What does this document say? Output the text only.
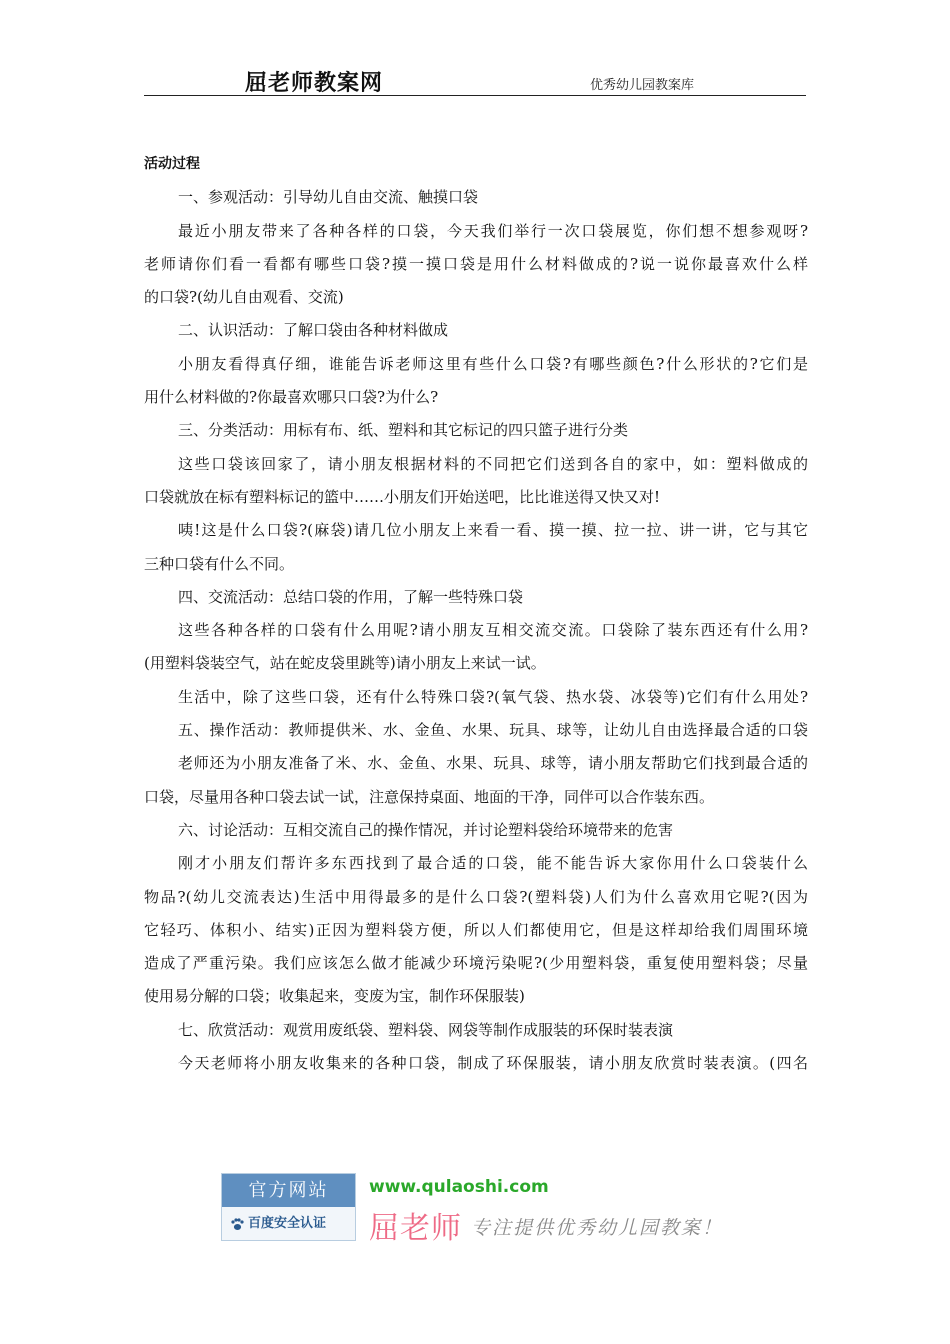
屈老师教案网	优秀幼儿园教案库
活动过程
一、参观活动：引导幼儿自由交流、触摸口袋
最近小朋友带来了各种各样的口袋，今天我们举行一次口袋展览，你们想不想参观呀?
老师请你们看一看都有哪些口袋?摸一摸口袋是用什么材料做成的?说一说你最喜欢什么样
的口袋?(幼儿自由观看、交流)
二、认识活动：了解口袋由各种材料做成
小朋友看得真仔细，谁能告诉老师这里有些什么口袋?有哪些颜色?什么形状的?它们是
用什么材料做的?你最喜欢哪只口袋?为什么?
三、分类活动：用标有布、纸、塑料和其它标记的四只篮子进行分类
这些口袋该回家了，请小朋友根据材料的不同把它们送到各自的家中，如：塑料做成的
口袋就放在标有塑料标记的篮中……小朋友们开始送吧，比比谁送得又快又对!
咦!这是什么口袋?(麻袋)请几位小朋友上来看一看、摸一摸、拉一拉、讲一讲，它与其它
三种口袋有什么不同。
四、交流活动：总结口袋的作用，了解一些特殊口袋
这些各种各样的口袋有什么用呢?请小朋友互相交流交流。口袋除了装东西还有什么用?
(用塑料袋装空气，站在蛇皮袋里跳等)请小朋友上来试一试。
生活中，除了这些口袋，还有什么特殊口袋?(氧气袋、热水袋、冰袋等)它们有什么用处?
五、操作活动：教师提供米、水、金鱼、水果、玩具、球等，让幼儿自由选择最合适的口袋
老师还为小朋友准备了米、水、金鱼、水果、玩具、球等，请小朋友帮助它们找到最合适的
口袋，尽量用各种口袋去试一试，注意保持桌面、地面的干净，同伴可以合作装东西。
六、讨论活动：互相交流自己的操作情况，并讨论塑料袋给环境带来的危害
刚才小朋友们帮许多东西找到了最合适的口袋，能不能告诉大家你用什么口袋装什么
物品?(幼儿交流表达)生活中用得最多的是什么口袋?(塑料袋)人们为什么喜欢用它呢?(因为
它轻巧、体积小、结实)正因为塑料袋方便，所以人们都使用它，但是这样却给我们周围环境
造成了严重污染。我们应该怎么做才能减少环境污染呢?(少用塑料袋，重复使用塑料袋；尽量
使用易分解的口袋；收集起来，变废为宝，制作环保服装)
七、欣赏活动：观赏用废纸袋、塑料袋、网袋等制作成服装的环保时装表演
今天老师将小朋友收集来的各种口袋，制成了环保服装，请小朋友欣赏时装表演。(四名
官方网站
百度安全认证
www.qulaoshi.com
屈老师 专注提供优秀幼儿园教案！
